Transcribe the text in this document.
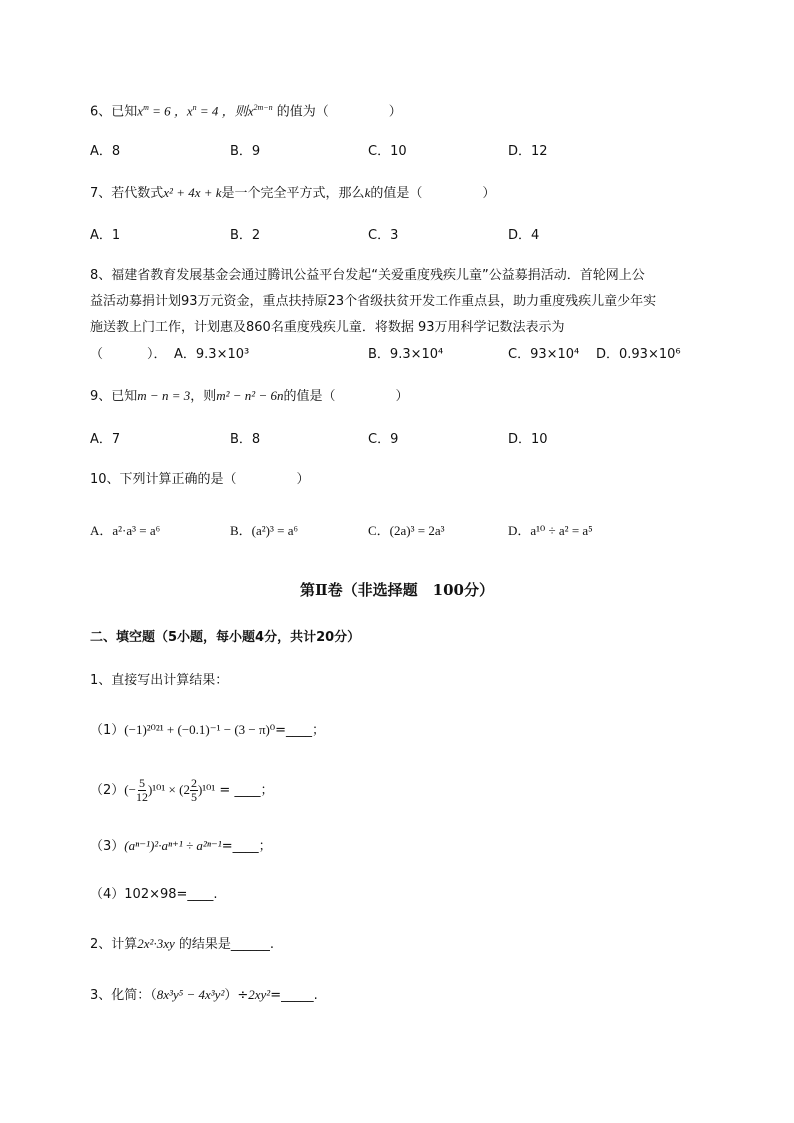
6、已知$x^m = 6$ ，$x^n = 4$ ，则$x^{2m-n}$ 的值为（	）
A．8	B．9	C．10	D．12
7、若代数式x² + 4x + k是一个完全平方式，那么k的值是（	）
A．1	B．2	C．3	D．4
8、福建省教育发展基金会通过腾讯公益平台发起“关爱重度残疾儿童”公益募捐活动．首轮网上公
益活动募捐计划93万元资金，重点扶持原23个省级扶贫开发工作重点县，助力重度残疾儿童少年实
施送教上门工作，计划惠及860名重度残疾儿童．将数据 93万用科学记数法表示为
（	）． A．9.3×10³	B．9.3×10⁴	C．93×10⁴ D．0.93×10⁶
9、已知m − n = 3，则m² − n² − 6n的值是（	）
A．7	B．8	C．9	D．10
10、下列计算正确的是（	）
A．a²·a³ = a⁶	B．(a²)³ = a⁶	C．(2a)³ = 2a³	D．a¹⁰ ÷ a² = a⁵
第Ⅱ卷（非选择题　100分）
二、填空题（5小题，每小题4分，共计20分）
1、直接写出计算结果：
（1）(−1)²⁰²¹ + (−0.1)⁻¹ − (3 − π)⁰=____；
$(2)(- \frac{5}{12} )^{101} \times (2 \frac{2}{5} )^{101}$ = ____；
（3）(aⁿ⁻¹)²·aⁿ⁺¹ ÷ a²ⁿ⁻¹=____；
（4）102×98=____.
2、计算2x²·3xy 的结果是______.
3、化简：（8x³y⁵ − 4x³y²）÷2xy²=_____.
